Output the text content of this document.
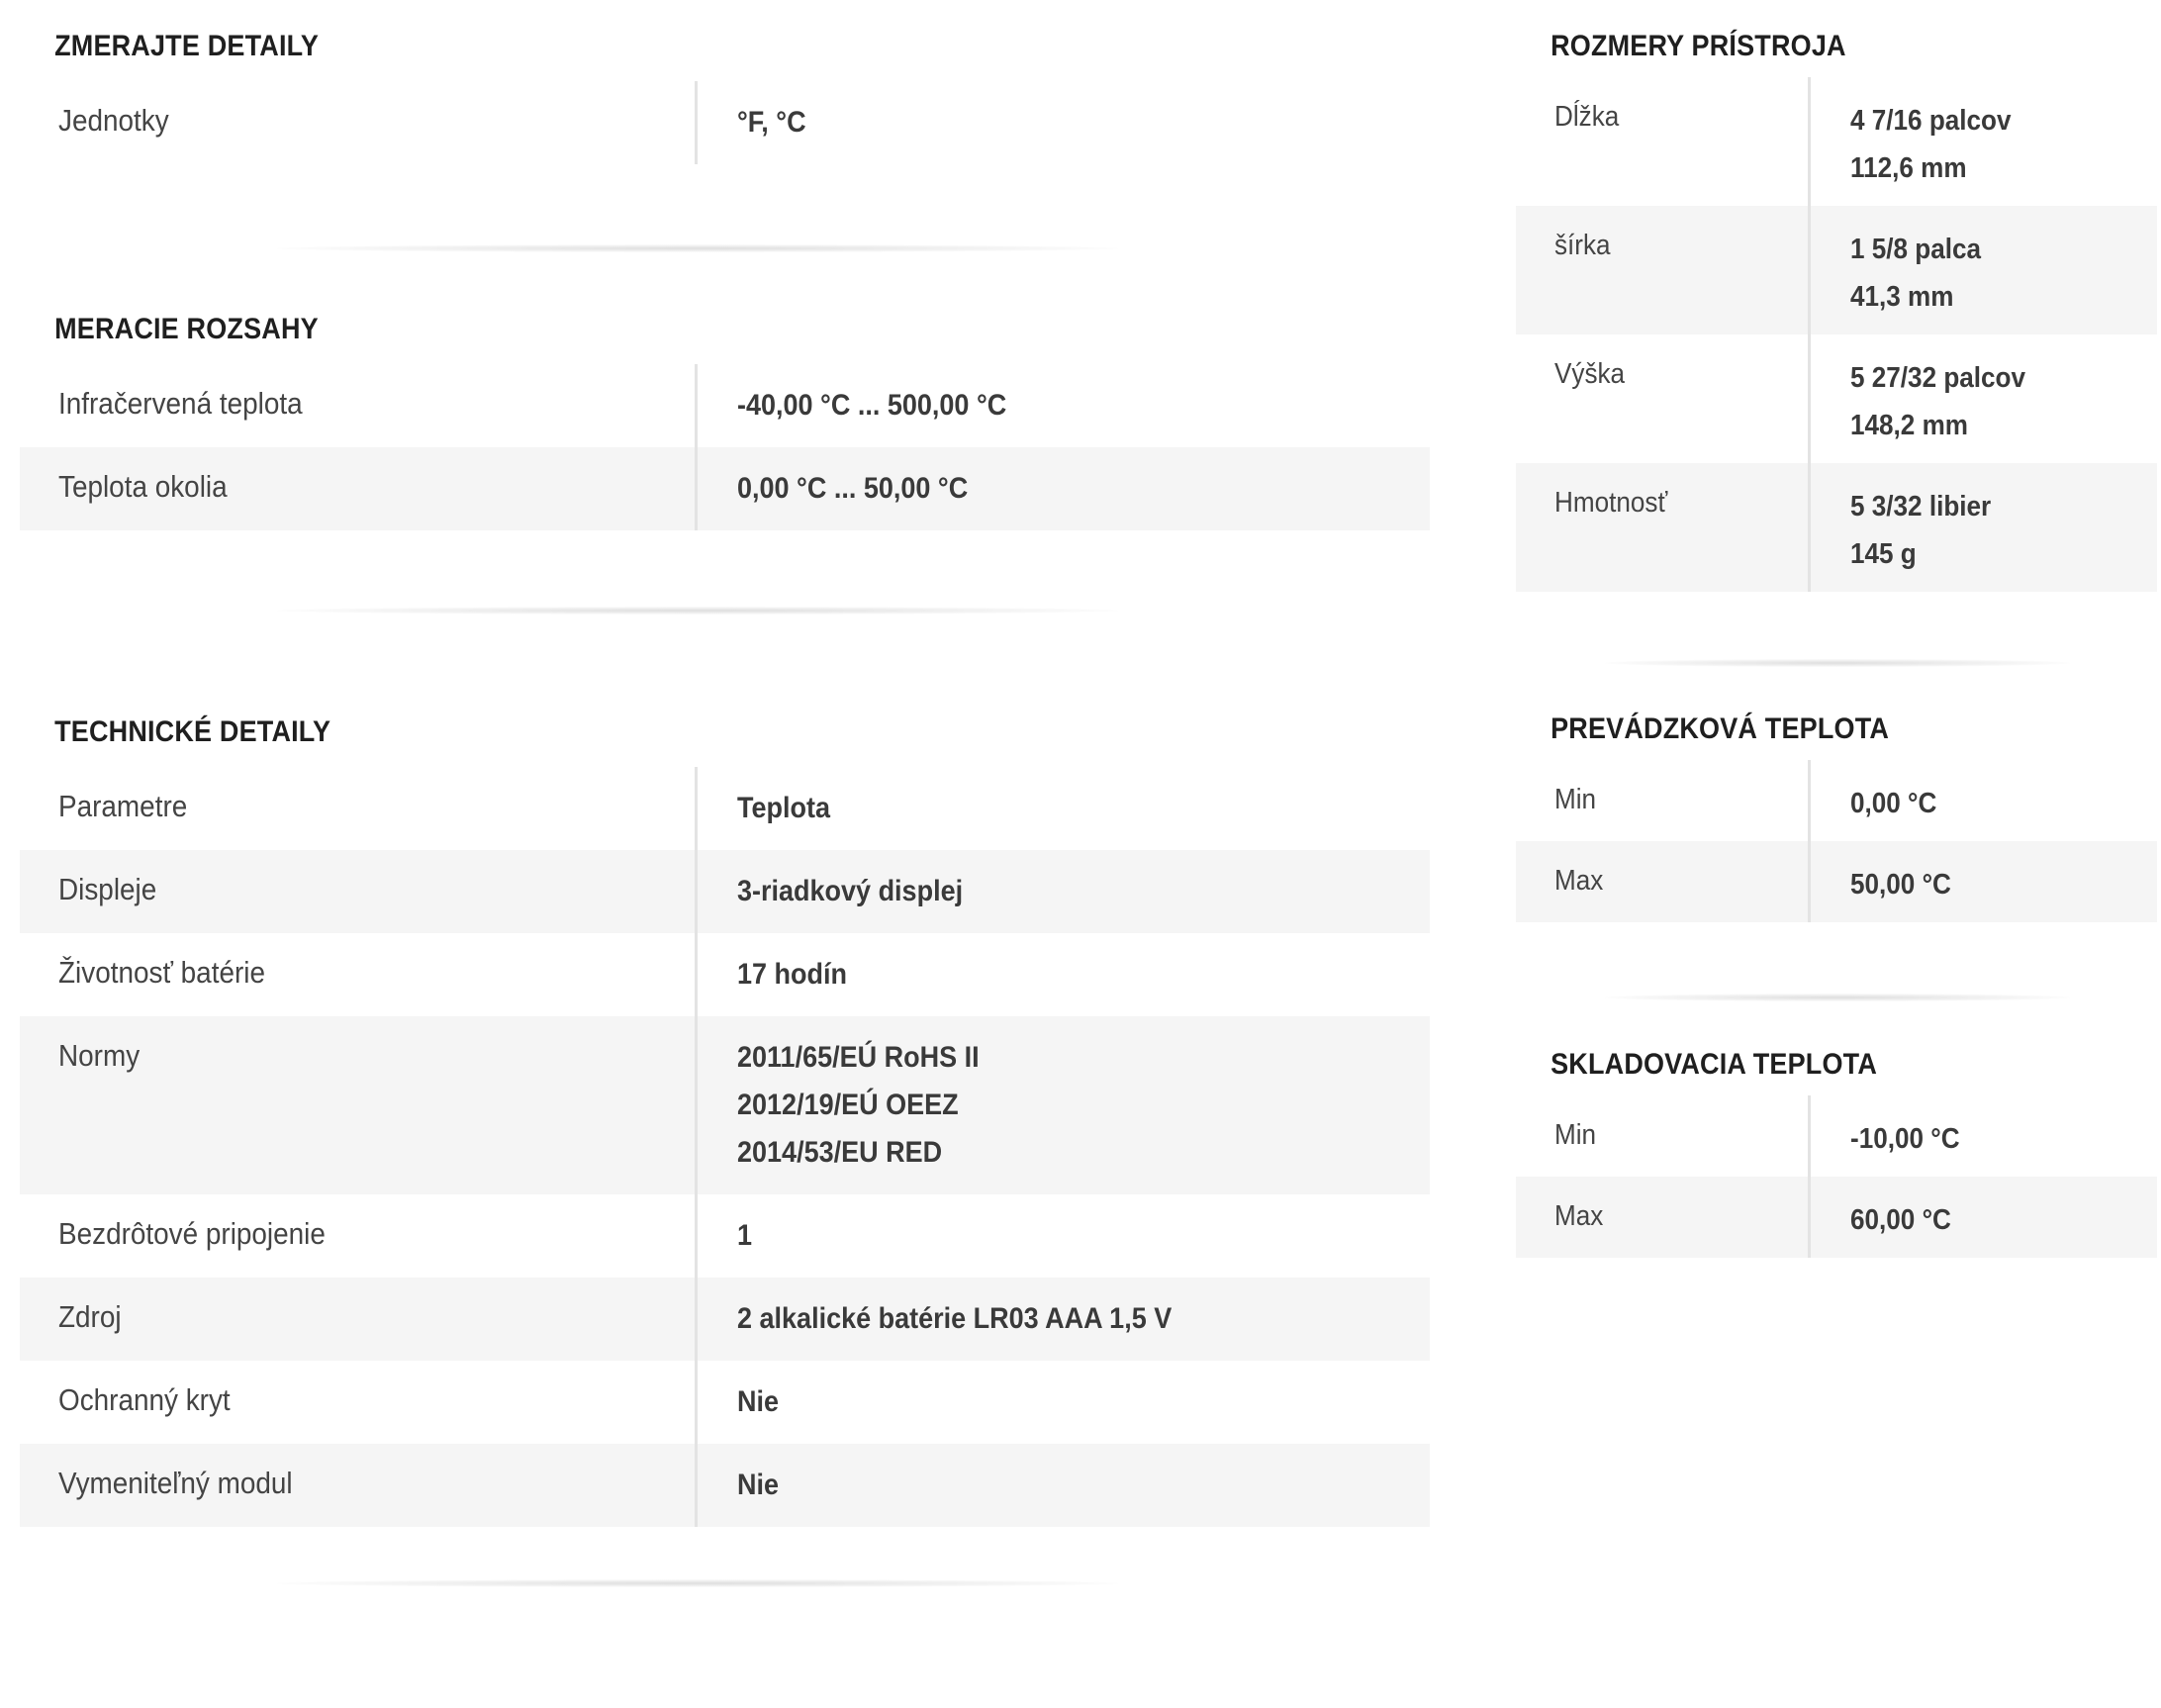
ZMERAJTE DETAILY
Jednotky	°F, °C
MERACIE ROZSAHY
Infračervená teplota	-40,00 °C ... 500,00 °C

Teplota okolia	0,00 °C ... 50,00 °C
TECHNICKÉ DETAILY
Parametre	Teplota

Displeje	3-riadkový displej

Životnosť batérie	17 hodín

Normy	2011/65/EÚ RoHS II
2012/19/EÚ OEEZ
2014/53/EU RED

Bezdrôtové pripojenie	1

Zdroj	2 alkalické batérie LR03 AAA 1,5 V

Ochranný kryt	Nie

Vymeniteľný modul	Nie
ROZMERY PRÍSTROJA
Dĺžka	4 7/16 palcov
112,6 mm

šírka	1 5/8 palca
41,3 mm

Výška	5 27/32 palcov
148,2 mm

Hmotnosť	5 3/32 libier
145 g
PREVÁDZKOVÁ TEPLOTA
Min	0,00 °C

Max	50,00 °C
SKLADOVACIA TEPLOTA
Min	-10,00 °C

Max	60,00 °C
